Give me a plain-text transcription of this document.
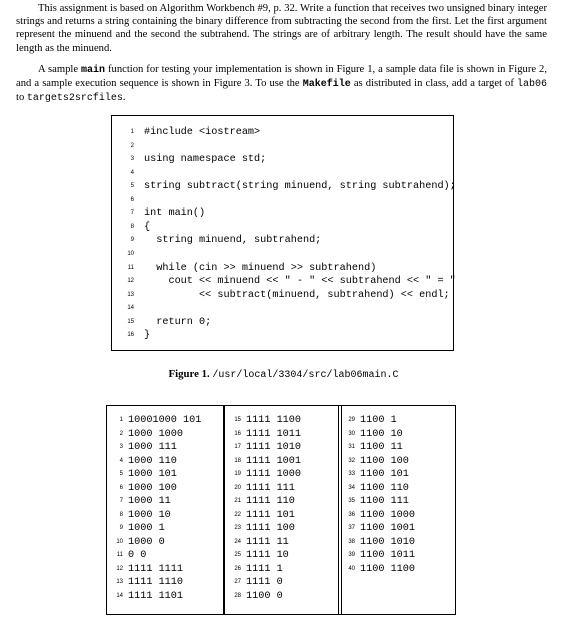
This assignment is based on Algorithm Workbench #9, p. 32. Write a function that receives two unsigned binary integer strings and returns a string containing the binary difference from subtracting the second from the first. Let the first argument represent the minuend and the second the subtrahend. The strings are of arbitrary length. The result should have the same length as the minuend.

A sample main function for testing your implementation is shown in Figure 1, a sample data file is shown in Figure 2, and a sample execution sequence is shown in Figure 3. To use the Makefile as distributed in class, add a target of lab06 to targets2srcfiles.

1 #include <iostream>
2
3 using namespace std;
4
5 string subtract(string minuend, string subtrahend);
6
7 int main()
8 {
9 string minuend, subtrahend;
10
11 while (cin >> minuend >> subtrahend)
12 cout << minuend << " - " << subtrahend << " = "
13 << subtract(minuend, subtrahend) << endl;
14
15 return 0;
16 }
Figure 1. /usr/local/3304/src/lab06main.C
1 10001000 101
2 1000 1000
3 1000 111
4 1000 110
5 1000 101
6 1000 100
7 1000 11
8 1000 10
9 1000 1
10 1000 0
11 0 0
12 1111 1111
13 1111 1110
14 1111 1101
15 1111 1100
16 1111 1011
17 1111 1010
18 1111 1001
19 1111 1000
20 1111 111
21 1111 110
22 1111 101
23 1111 100
24 1111 11
25 1111 10
26 1111 1
27 1111 0
28 1100 0
29 1100 1
30 1100 10
31 1100 11
32 1100 100
33 1100 101
34 1100 110
35 1100 111
36 1100 1000
37 1100 1001
38 1100 1010
39 1100 1011
40 1100 1100
